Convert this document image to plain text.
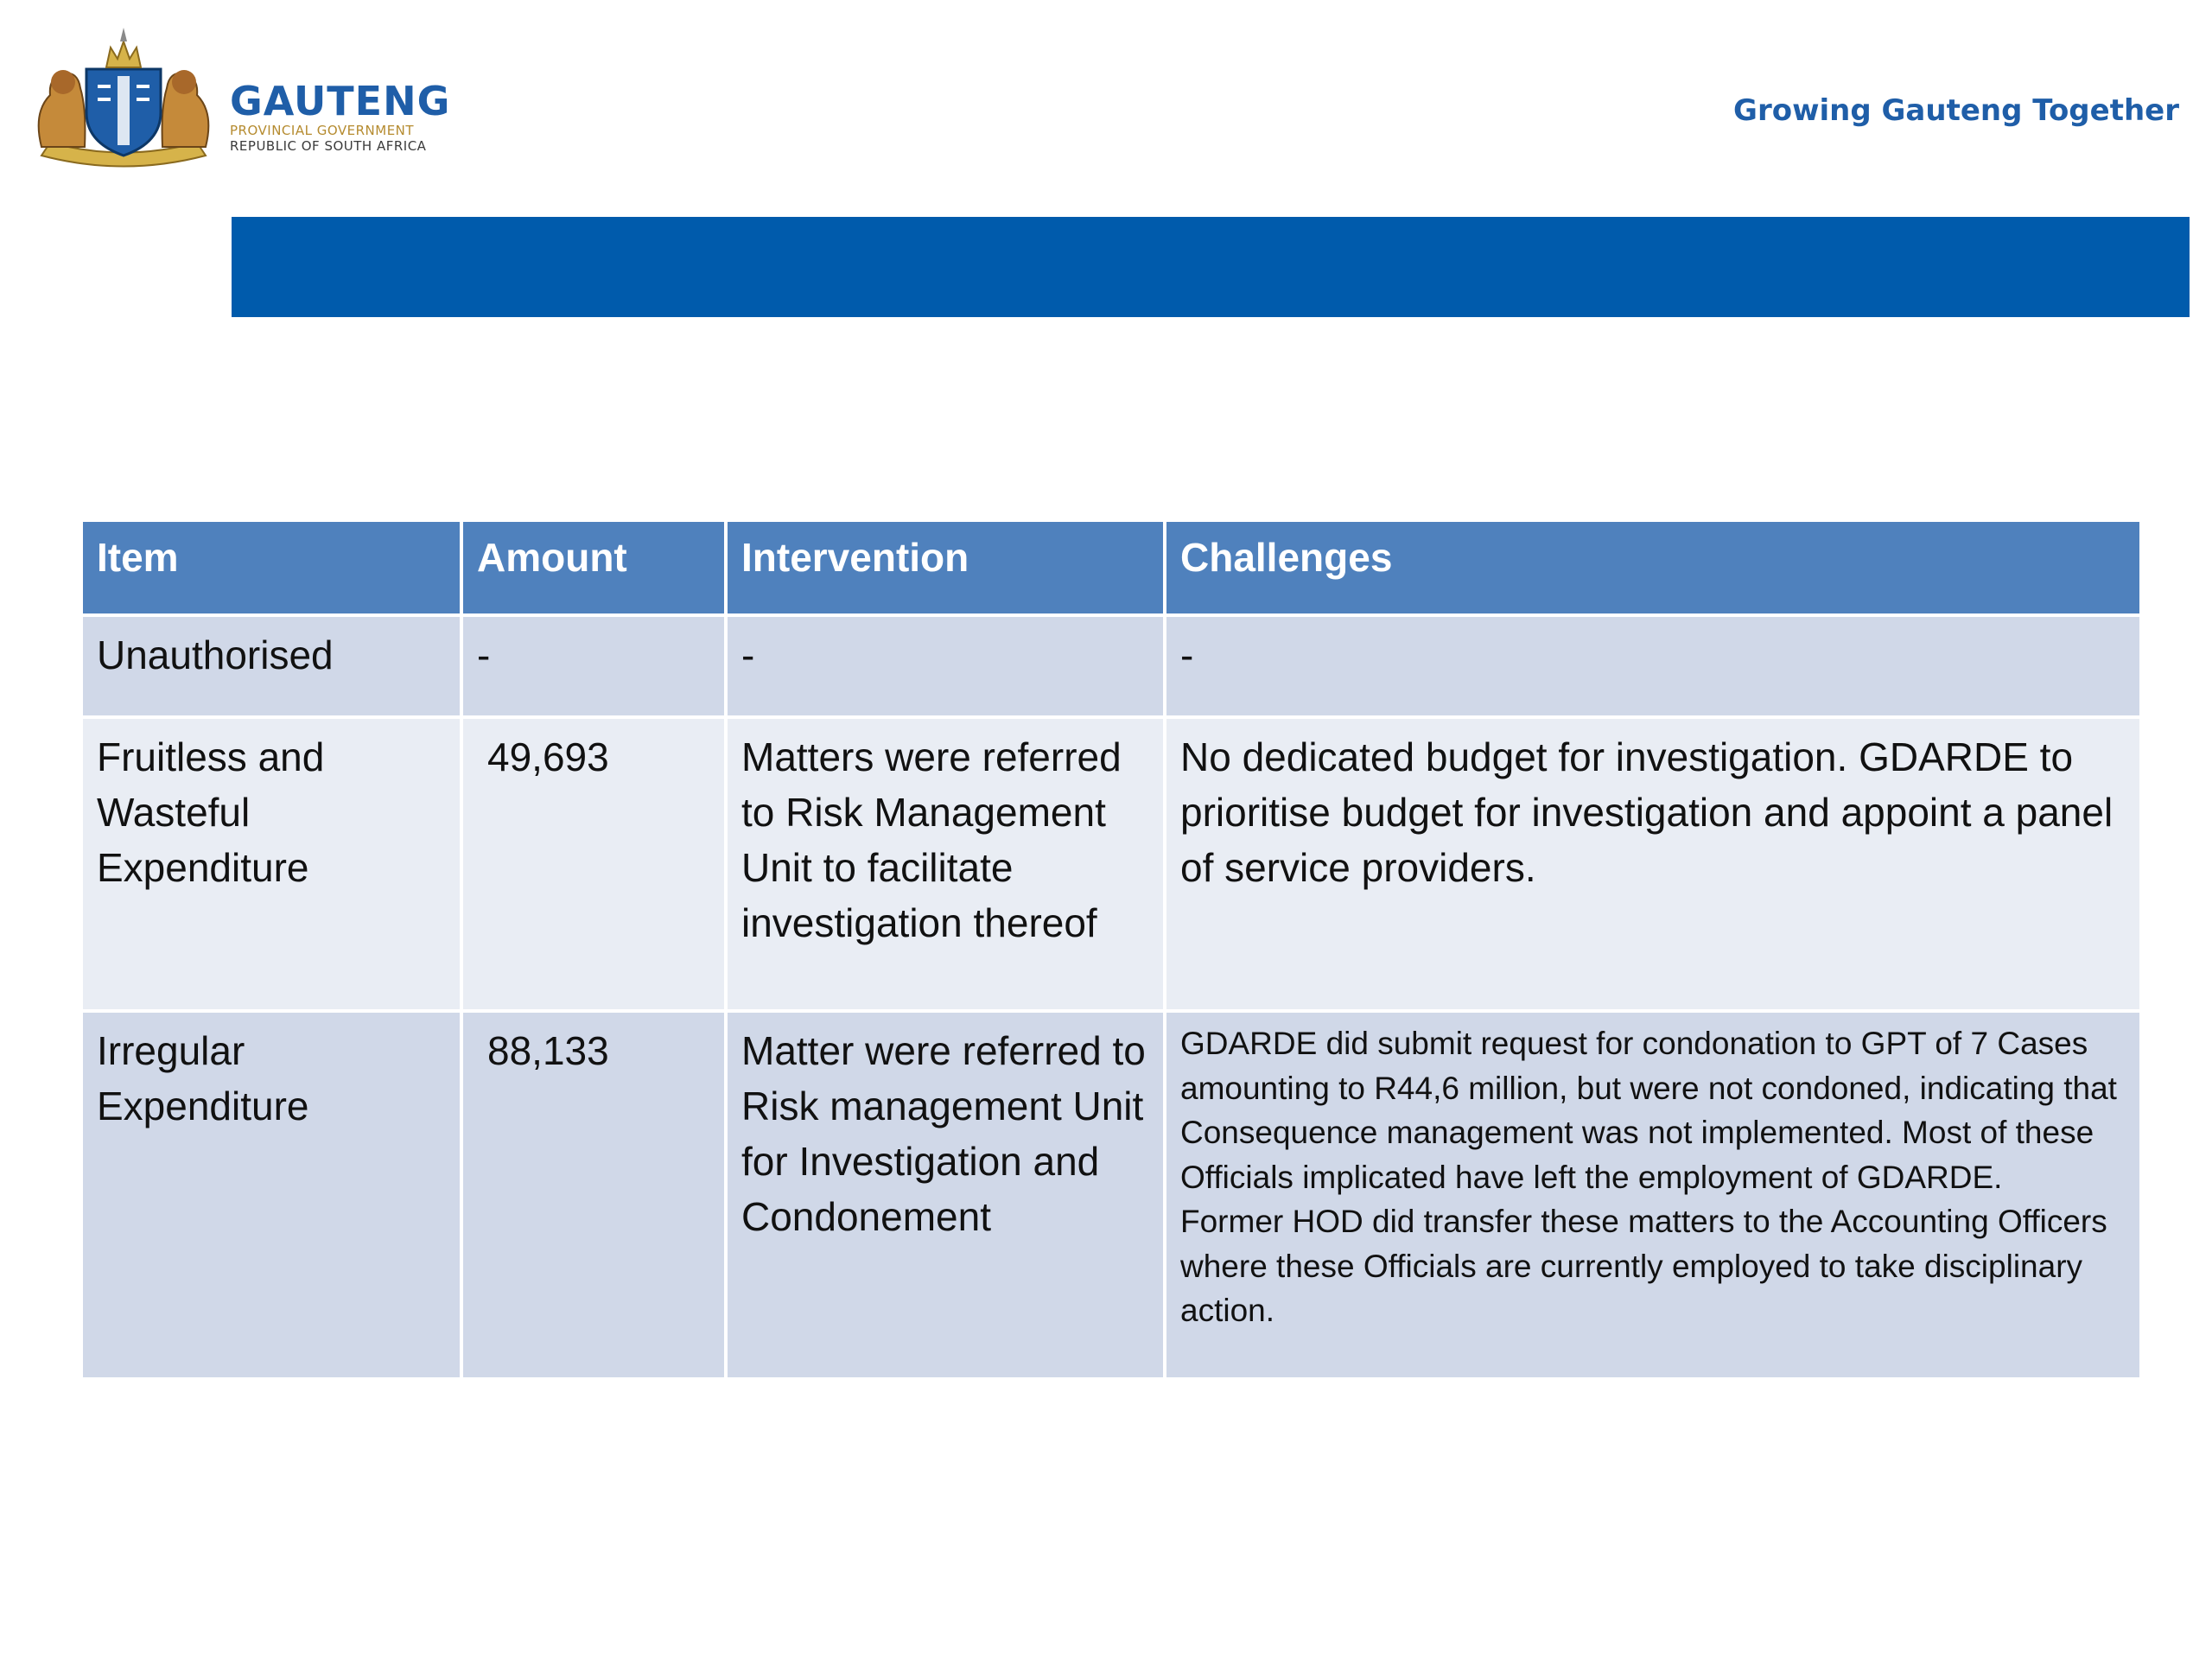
GAUTENG
PROVINCIAL GOVERNMENT
REPUBLIC OF SOUTH AFRICA
Growing Gauteng Together
Item	Amount	Intervention	Challenges
Unauthorised	-	-	-
Fruitless and Wasteful Expenditure	49,693	Matters were referred to Risk Management Unit to facilitate investigation thereof	No dedicated budget for investigation. GDARDE to prioritise budget for investigation and appoint a panel of service providers.
Irregular Expenditure	88,133	Matter were referred to Risk management Unit for Investigation and Condonement	GDARDE did submit request for condonation to GPT of 7 Cases amounting to R44,6 million, but were not condoned, indicating that Consequence management was not implemented. Most of these Officials implicated have left the employment of GDARDE.
Former HOD did transfer these matters to the Accounting Officers where these Officials are currently employed to take disciplinary action.
